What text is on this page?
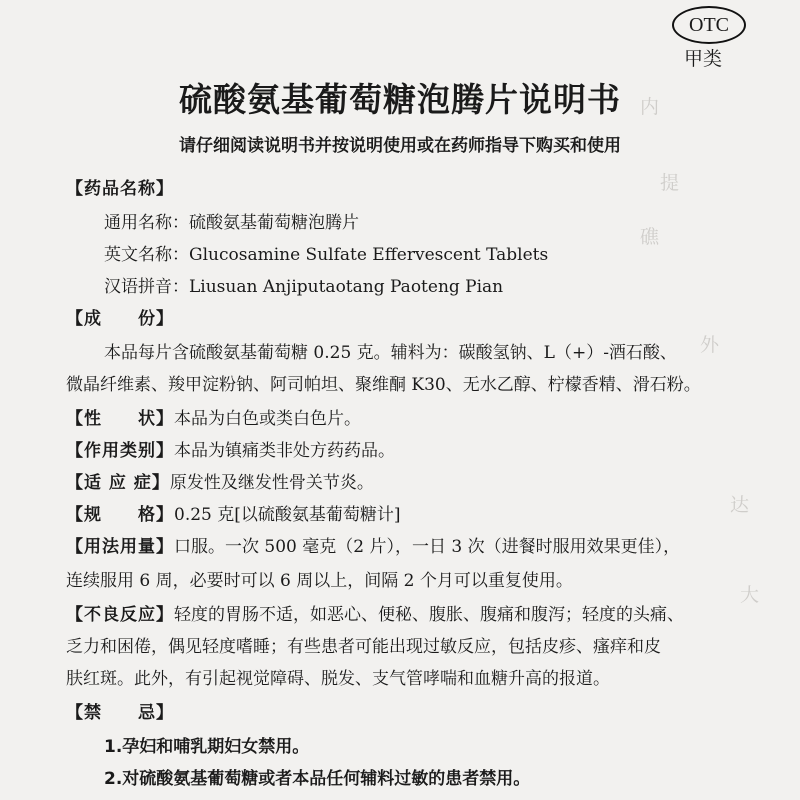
内
提
礁
外
达
大
OTC
甲类
硫酸氨基葡萄糖泡腾片说明书
请仔细阅读说明书并按说明使用或在药师指导下购买和使用
【药品名称】
通用名称：硫酸氨基葡萄糖泡腾片
英文名称：Glucosamine Sulfate Effervescent Tablets
汉语拼音：Liusuan Anjiputaotang Paoteng Pian
【成　　份】
本品每片含硫酸氨基葡萄糖 0.25 克。辅料为：碳酸氢钠、L（+）-酒石酸、
微晶纤维素、羧甲淀粉钠、阿司帕坦、聚维酮 K30、无水乙醇、柠檬香精、滑石粉。
【性　　状】本品为白色或类白色片。
【作用类别】本品为镇痛类非处方药药品。
【适 应 症】原发性及继发性骨关节炎。
【规　　格】0.25 克[以硫酸氨基葡萄糖计]
【用法用量】口服。一次 500 毫克（2 片），一日 3 次（进餐时服用效果更佳），
连续服用 6 周，必要时可以 6 周以上，间隔 2 个月可以重复使用。
【不良反应】轻度的胃肠不适，如恶心、便秘、腹胀、腹痛和腹泻；轻度的头痛、
乏力和困倦，偶见轻度嗜睡；有些患者可能出现过敏反应，包括皮疹、瘙痒和皮
肤红斑。此外，有引起视觉障碍、脱发、支气管哮喘和血糖升高的报道。
【禁　　忌】
1.孕妇和哺乳期妇女禁用。
2.对硫酸氨基葡萄糖或者本品任何辅料过敏的患者禁用。
